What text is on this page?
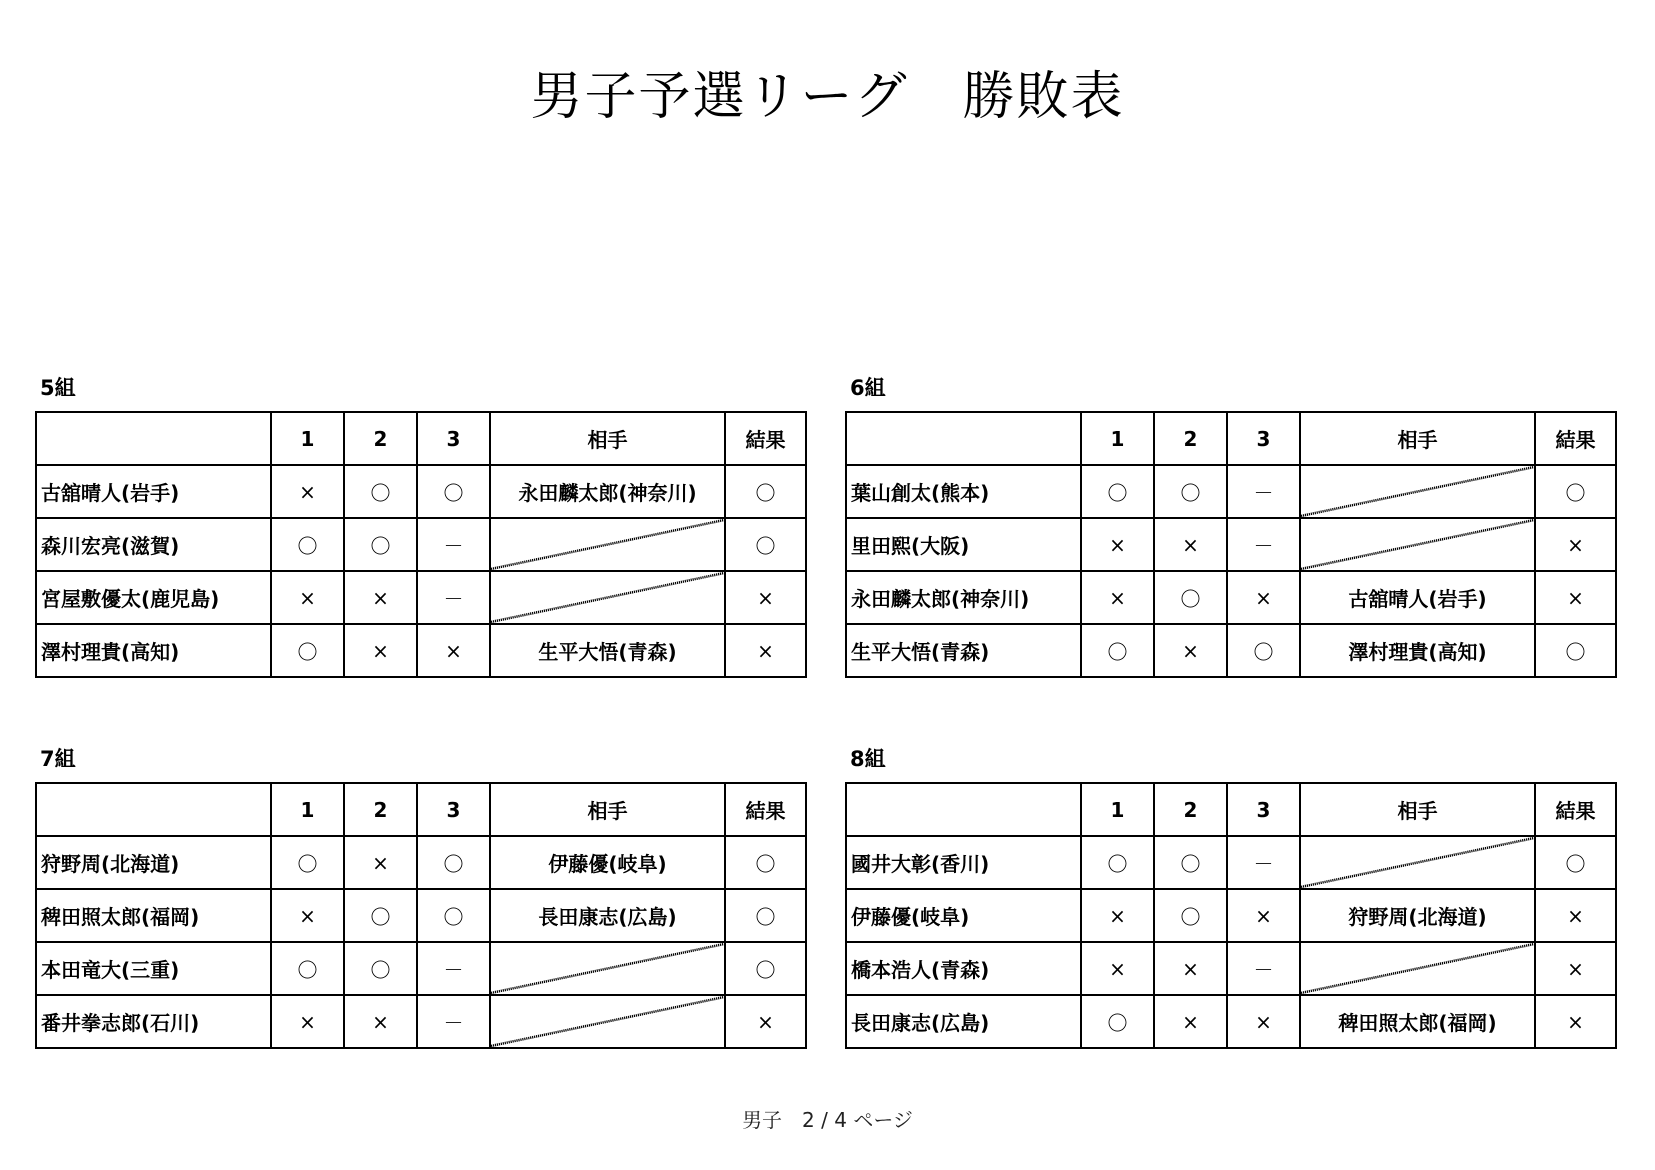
男子予選リーグ　勝敗表
5組
	1	2	3	相手	結果
古舘晴人(岩手)	×	〇	〇	永田麟太郎(神奈川)	〇
森川宏亮(滋賀)	〇	〇	－		〇
宮屋敷優太(鹿児島)	×	×	－		×
澤村理貴(高知)	〇	×	×	生平大悟(青森)	×
6組
	1	2	3	相手	結果
葉山創太(熊本)	〇	〇	－		〇
里田熙(大阪)	×	×	－		×
永田麟太郎(神奈川)	×	〇	×	古舘晴人(岩手)	×
生平大悟(青森)	〇	×	〇	澤村理貴(高知)	〇
7組
	1	2	3	相手	結果
狩野周(北海道)	〇	×	〇	伊藤優(岐阜)	〇
稗田照太郎(福岡)	×	〇	〇	長田康志(広島)	〇
本田竜大(三重)	〇	〇	－		〇
番井拳志郎(石川)	×	×	－		×
8組
	1	2	3	相手	結果
國井大彰(香川)	〇	〇	－		〇
伊藤優(岐阜)	×	〇	×	狩野周(北海道)	×
橋本浩人(青森)	×	×	－		×
長田康志(広島)	〇	×	×	稗田照太郎(福岡)	×
男子　2 / 4 ページ
